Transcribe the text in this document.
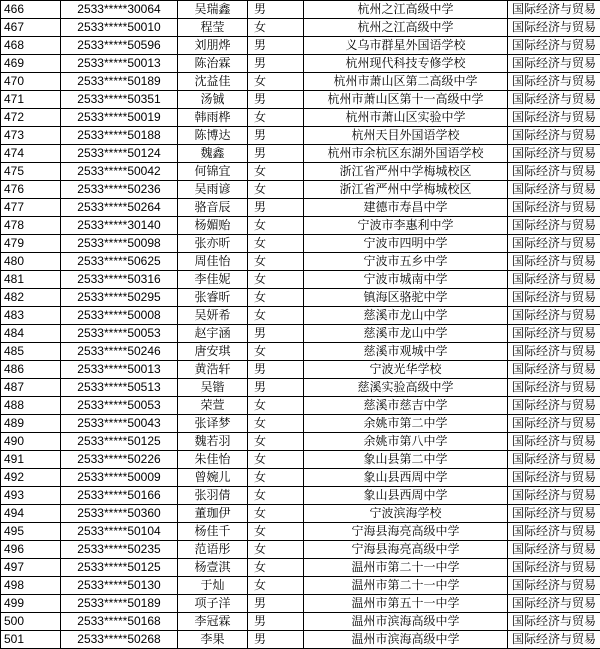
466	2533*****30064	吴瑞鑫	男	杭州之江高级中学	国际经济与贸易
467	2533*****50010	程莹	女	杭州之江高级中学	国际经济与贸易
468	2533*****50596	刘朋烨	男	义乌市群星外国语学校	国际经济与贸易
469	2533*****50013	陈治霖	男	杭州现代科技专修学校	国际经济与贸易
470	2533*****50189	沈益佳	女	杭州市萧山区第二高级中学	国际经济与贸易
471	2533*****50351	汤铖	男	杭州市萧山区第十一高级中学	国际经济与贸易
472	2533*****50019	韩雨桦	女	杭州市萧山区实验中学	国际经济与贸易
473	2533*****50188	陈博达	男	杭州天目外国语学校	国际经济与贸易
474	2533*****50124	魏鑫	男	杭州市余杭区东湖外国语学校	国际经济与贸易
475	2533*****50042	何锦宜	女	浙江省严州中学梅城校区	国际经济与贸易
476	2533*****50236	吴雨谚	女	浙江省严州中学梅城校区	国际经济与贸易
477	2533*****50264	骆音辰	男	建德市寿昌中学	国际经济与贸易
478	2533*****30140	杨媚贻	女	宁波市李惠利中学	国际经济与贸易
479	2533*****50098	张亦昕	女	宁波市四明中学	国际经济与贸易
480	2533*****50625	周佳怡	女	宁波市五乡中学	国际经济与贸易
481	2533*****50316	李佳妮	女	宁波市城南中学	国际经济与贸易
482	2533*****50295	张睿昕	女	镇海区骆驼中学	国际经济与贸易
483	2533*****50008	吴妍希	女	慈溪市龙山中学	国际经济与贸易
484	2533*****50053	赵宇涵	男	慈溪市龙山中学	国际经济与贸易
485	2533*****50246	唐安琪	女	慈溪市观城中学	国际经济与贸易
486	2533*****50013	黄浩轩	男	宁波光华学校	国际经济与贸易
487	2533*****50513	吴锴	男	慈溪实验高级中学	国际经济与贸易
488	2533*****50053	荣萱	女	慈溪市慈吉中学	国际经济与贸易
489	2533*****50043	张译梦	女	余姚市第二中学	国际经济与贸易
490	2533*****50125	魏若羽	女	余姚市第八中学	国际经济与贸易
491	2533*****50226	朱佳怡	女	象山县第二中学	国际经济与贸易
492	2533*****50009	曾婉儿	女	象山县西周中学	国际经济与贸易
493	2533*****50166	张羽倩	女	象山县西周中学	国际经济与贸易
494	2533*****50360	董珈伊	女	宁波滨海学校	国际经济与贸易
495	2533*****50104	杨佳千	女	宁海县海亮高级中学	国际经济与贸易
496	2533*****50235	范语彤	女	宁海县海亮高级中学	国际经济与贸易
497	2533*****50125	杨壹淇	女	温州市第二十一中学	国际经济与贸易
498	2533*****50130	于灿	女	温州市第二十一中学	国际经济与贸易
499	2533*****50189	项子洋	男	温州市第五十一中学	国际经济与贸易
500	2533*****50168	李冠霖	男	温州市滨海高级中学	国际经济与贸易
501	2533*****50268	李果	男	温州市滨海高级中学	国际经济与贸易
